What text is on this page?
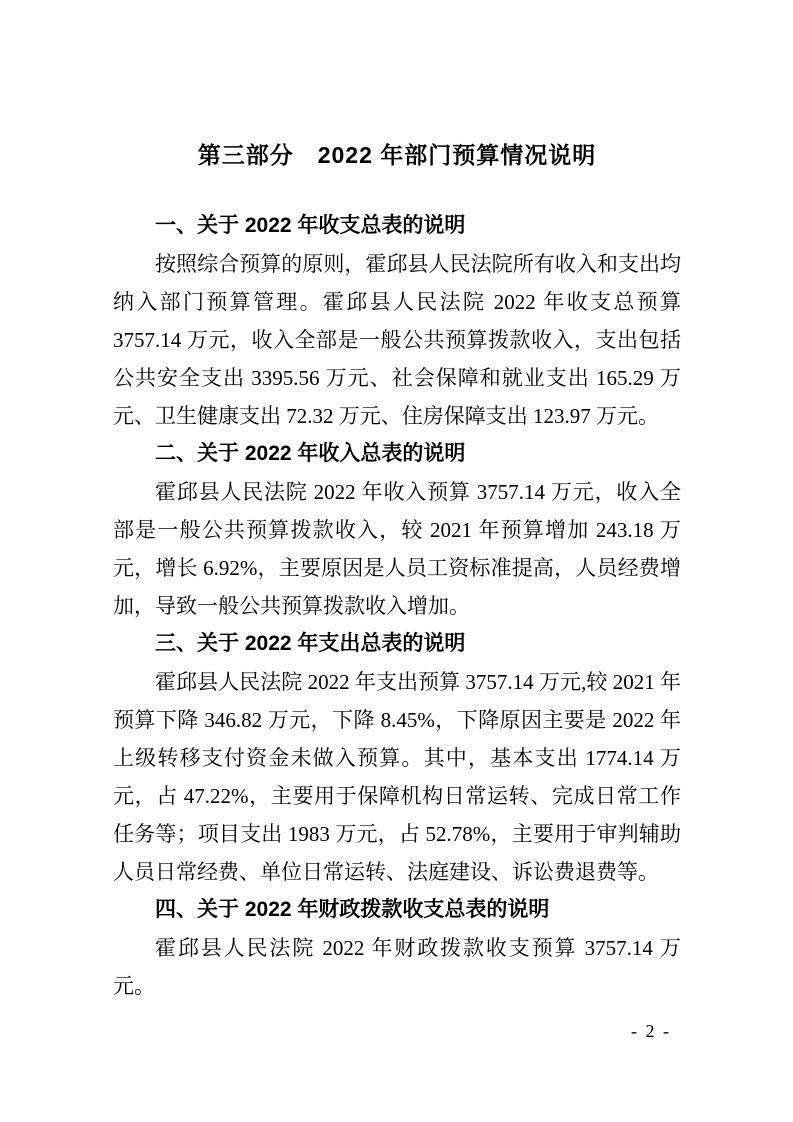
第三部分　2022 年部门预算情况说明
一、关于 2022 年收支总表的说明

按照综合预算的原则，霍邱县人民法院所有收入和支出均纳入部门预算管理。霍邱县人民法院 2022 年收支总预算 3757.14 万元，收入全部是一般公共预算拨款收入，支出包括公共安全支出 3395.56 万元、社会保障和就业支出 165.29 万元、卫生健康支出 72.32 万元、住房保障支出 123.97 万元。

二、关于 2022 年收入总表的说明

霍邱县人民法院 2022 年收入预算 3757.14 万元，收入全部是一般公共预算拨款收入，较 2021 年预算增加 243.18 万元，增长 6.92%，主要原因是人员工资标准提高，人员经费增加，导致一般公共预算拨款收入增加。

三、关于 2022 年支出总表的说明

霍邱县人民法院 2022 年支出预算 3757.14 万元,较 2021 年预算下降 346.82 万元，下降 8.45%，下降原因主要是 2022 年上级转移支付资金未做入预算。其中，基本支出 1774.14 万元，占 47.22%，主要用于保障机构日常运转、完成日常工作任务等；项目支出 1983 万元，占 52.78%，主要用于审判辅助人员日常经费、单位日常运转、法庭建设、诉讼费退费等。

四、关于 2022 年财政拨款收支总表的说明

霍邱县人民法院 2022 年财政拨款收支预算 3757.14 万元。

- 2 -
